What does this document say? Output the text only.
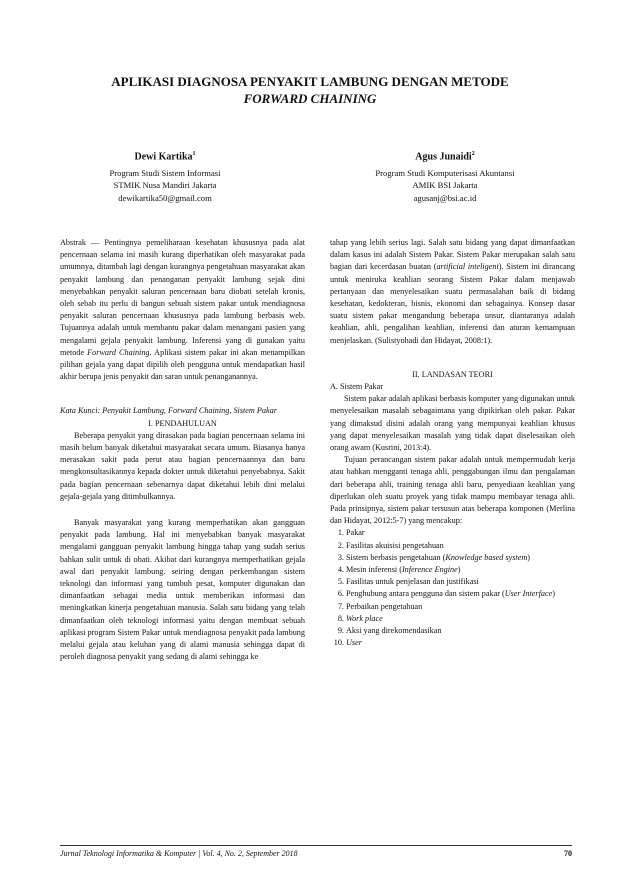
APLIKASI DIAGNOSA PENYAKIT LAMBUNG DENGAN METODE
FORWARD CHAINING
Dewi Kartika$^1$
Program Studi Sistem Informasi
STMIK Nusa Mandiri Jakarta
dewikartika50@gmail.com
Agus Junaidi$^2$
Program Studi Komputerisasi Akuntansi
AMIK BSI Jakarta
agusanj@bsi.ac.id

Abstrak — Pentingnya pemeliharaan kesehatan khususnya pada alat pencernaan selama ini masih kurang diperhatikan oleh masyarakat pada umumnya, ditambah lagi dengan kurangnya pengetahuan masyarakat akan penyakit lambung dan penanganan penyakit lambung sejak dini menyebabkan penyakit saluran pencernaan baru diobati setelah kronis, oleh sebab itu perlu di bangun sebuah sistem pakar untuk mendiagnosa penyakit saluran pencernaan khususnya pada lambung berbasis web. Tujuannya adalah untuk membantu pakar dalam menangani pasien yang mengalami gejala penyakit lambung. Inferensi yang di gunakan yaitu metode Forward Chaining. Aplikasi sistem pakar ini akan menampilkan pilihan gejala yang dapat dipilih oleh pengguna untuk mendapatkan hasil akhir berupa jenis penyakit dan saran untuk penanganannya.

Kata Kunci: Penyakit Lambung, Forward Chaining, Sistem Pakar

I. PENDAHULUAN

Beberapa penyakit yang dirasakan pada bagian pencernaan selama ini masih belum banyak diketahui masyarakat secara umum. Biasanya hanya merasakan sakit pada perut atau bagian pencernaannya dan baru mengkonsultasikannya kepada dokter untuk diketahui penyebabnya. Sakit pada bagian pencernaan sebenarnya dapat diketahui lebih dini melalui gejala-gejala yang ditimbulkannya.

Banyak masyarakat yang kurang memperhatikan akan gangguan penyakit pada lambung. Hal ini menyebabkan banyak masyarakat mengalami gangguan penyakit lambung hingga tahap yang sudah serius bahkan sulit untuk di obati. Akibat dari kurangnya memperhatikan gejala awal dari penyakit lambung. seiring dengan perkembangan sistem teknologi dan informasi yang tumbuh pesat, komputer digunakan dan dimanfaatkan sebagai media untuk memberikan informasi dan meningkatkan kinerja pengetahuan manusia. Salah satu bidang yang telah dimanfaatkan oleh teknologi informasi yaitu dengan membuat sebuah aplikasi program Sistem Pakar untuk mendiagnosa penyakit pada lambung melalui gejala atau keluhan yang di alami manusia sehingga dapat di peroleh diagnosa penyakit yang sedang di alami sehingga ke

tahap yang lebih serius lagi. Salah satu bidang yang dapat dimanfaatkan dalam kasus ini adalah Sistem Pakar. Sistem Pakar merupakan salah satu bagian dari kecerdasan buatan (artificial inteligent). Sistem ini dirancang untuk meniruka keahlian seorang Sistem Pakar dalam menjawab pertanyaan dan menyelesaikan suatu permasalahan baik di bidang kesehatan, kedokteran, bisnis, ekonomi dan sebagainya. Konsep dasar suatu sistem pakar mengandung beberapa unsur, diantaranya adalah keahlian, ahli, pengalihan keahlian, inferensi dan aturan kemampuan menjelaskan. (Sulistyohadi dan Hidayat, 2008:1).

II. LANDASAN TEORI

A. Sistem Pakar

Sistem pakar adalah aplikasi berbasis komputer yang digunakan untuk menyelesaikan masalah sebagaimana yang dipikirkan oleh pakar. Pakar yang dimaksud disini adalah orang yang mempunyai keahlian khusus yang dapat menyelesaikan masalah yang tidak dapat diselesaikan oleh orang awam (Kusrini, 2013:4).

Tujuan perancangan sistem pakar adalah untuk mempermudah kerja atau bahkan mengganti tenaga ahli, penggabungan ilmu dan pengalaman dari beberapa ahli, training tenaga ahli baru, penyediaan keahlian yang diperlukan oleh suatu proyek yang tidak mampu membayar tenaga ahli. Pada prinsipnya, sistem pakar tersusun atas beberapa komponen (Merlina dan Hidayat, 2012:5-7) yang mencakup:

1. Pakar
2. Fasilitas akuisisi pengetahuan
3. Sistem berbasis pengetahuan (Knowledge based system)
4. Mesin inferensi (Inference Engine)
5. Fasilitas untuk penjelasan dan justifikasi
6. Penghubung antara pengguna dan sistem pakar (User Interface)
7. Perbaikan pengetahuan
8. Work place
9. Aksi yang direkomendasikan
10. User
Jurnal Teknologi Informatika & Komputer | Vol. 4, No. 2, September 2018	70
